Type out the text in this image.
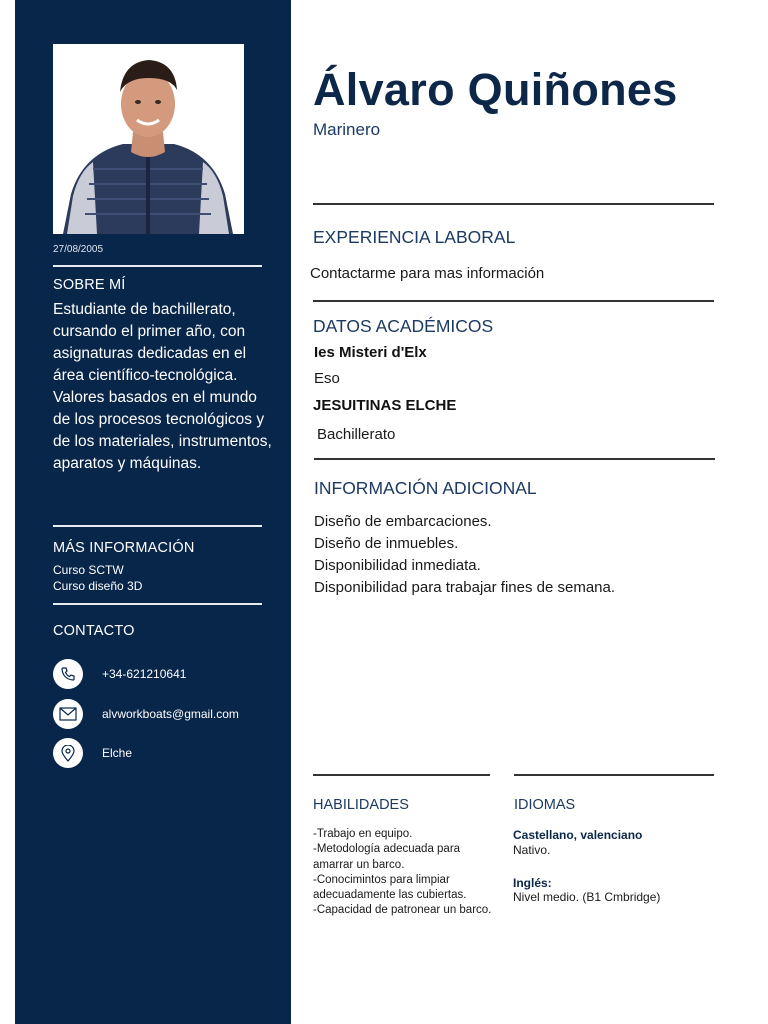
27/08/2005
SOBRE MÍ
Estudiante de bachillerato, cursando el primer año, con asignaturas dedicadas en el área científico-tecnológica. Valores basados en el mundo de los procesos tecnológicos y de los materiales, instrumentos, aparatos y máquinas.
MÁS INFORMACIÓN
Curso SCTW
Curso diseño 3D
CONTACTO
+34-621210641
alvworkboats@gmail.com
Elche
Álvaro Quiñones
Marinero
EXPERIENCIA LABORAL
Contactarme para mas información
DATOS ACADÉMICOS
Ies Misteri d'Elx
Eso
JESUITINAS ELCHE
Bachillerato
INFORMACIÓN ADICIONAL
Diseño de embarcaciones.
Diseño de inmuebles.
Disponibilidad inmediata.
Disponibilidad para trabajar fines de semana.
HABILIDADES
-Trabajo en equipo.
-Metodología adecuada para amarrar un barco.
-Conocimintos para limpiar adecuadamente las cubiertas.
-Capacidad de patronear un barco.
IDIOMAS
Castellano, valenciano
Nativo.
Inglés:
Nivel medio. (B1 Cmbridge)
